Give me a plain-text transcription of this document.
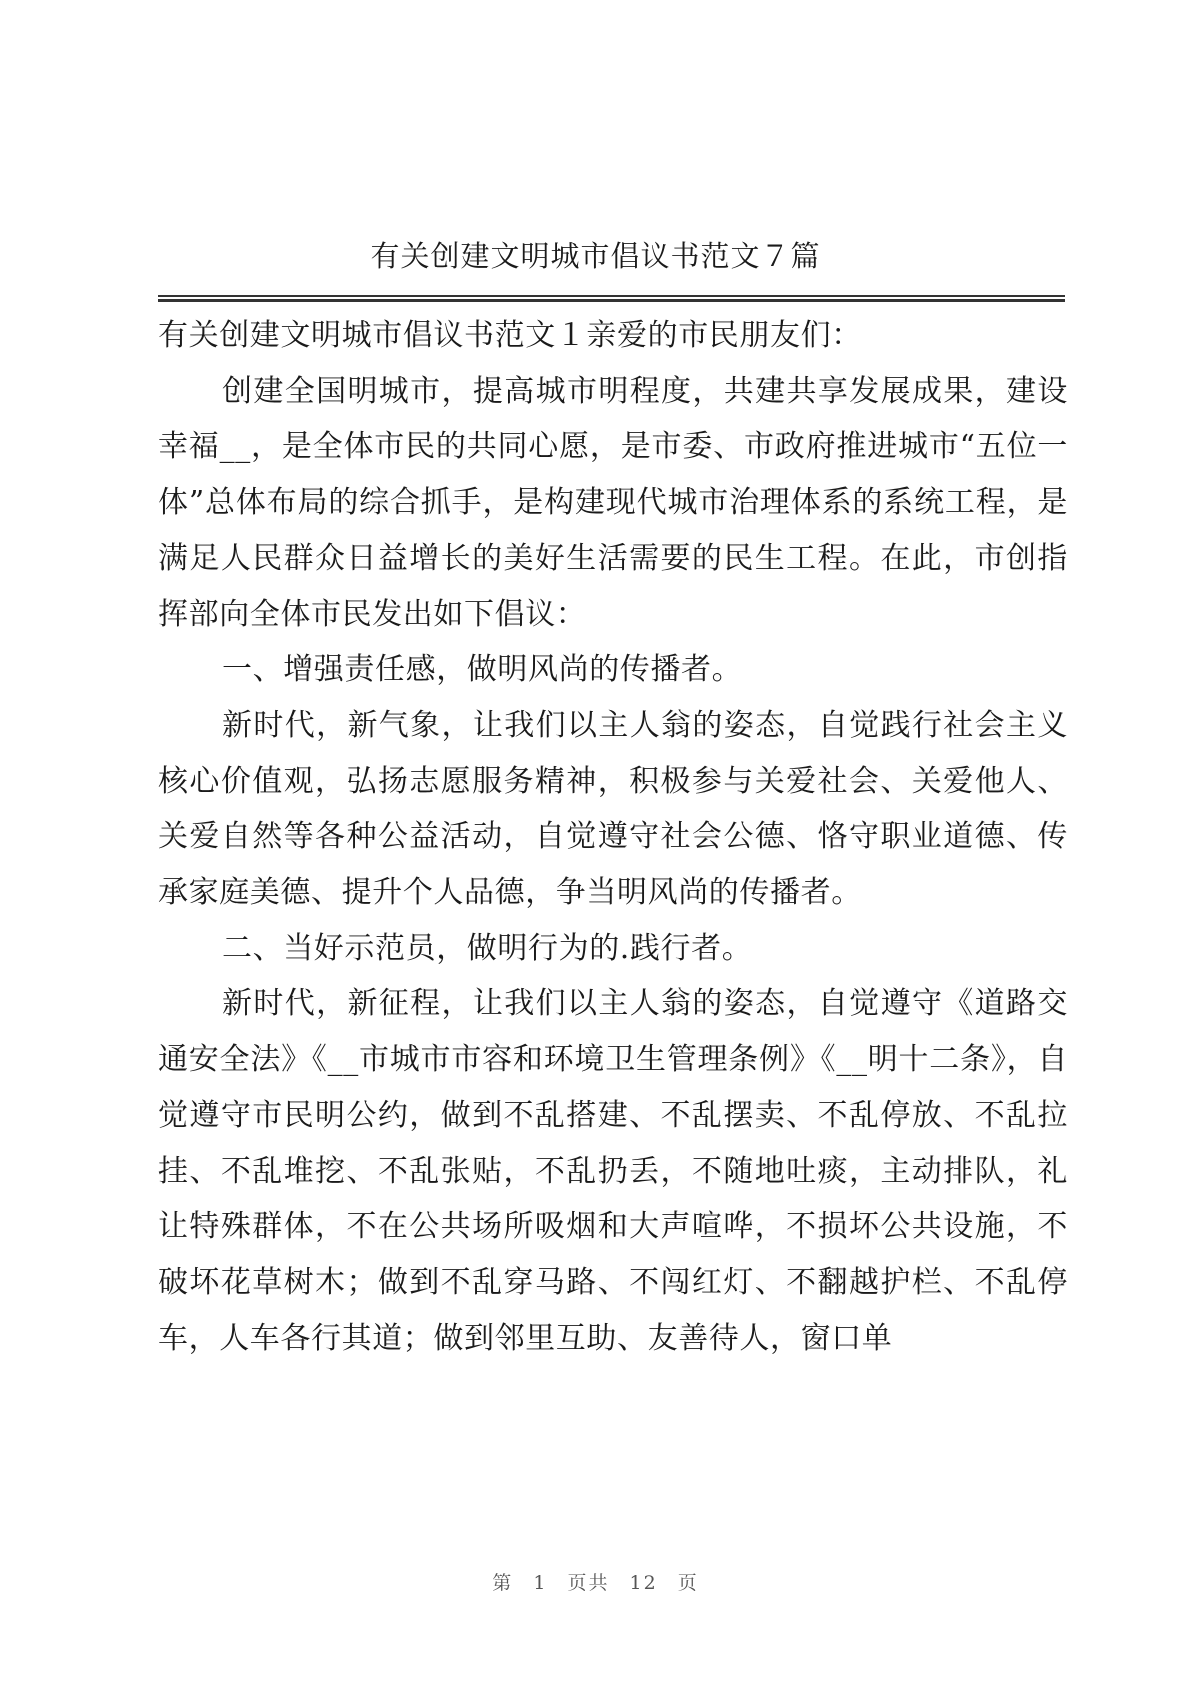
有关创建文明城市倡议书范文７篇

有关创建文明城市倡议书范文１亲爱的市民朋友们：

创建全国明城市，提高城市明程度，共建共享发展成果，建设幸福__，是全体市民的共同心愿，是市委、市政府推进城市“五位一体”总体布局的综合抓手，是构建现代城市治理体系的系统工程，是满足人民群众日益增长的美好生活需要的民生工程。在此，市创指挥部向全体市民发出如下倡议：

一、增强责任感，做明风尚的传播者。

新时代，新气象，让我们以主人翁的姿态，自觉践行社会主义核心价值观，弘扬志愿服务精神，积极参与关爱社会、关爱他人、关爱自然等各种公益活动，自觉遵守社会公德、恪守职业道德、传承家庭美德、提升个人品德，争当明风尚的传播者。

二、当好示范员，做明行为的.践行者。

新时代，新征程，让我们以主人翁的姿态，自觉遵守《道路交通安全法》《__市城市市容和环境卫生管理条例》《__明十二条》，自觉遵守市民明公约，做到不乱搭建、不乱摆卖、不乱停放、不乱拉挂、不乱堆挖、不乱张贴，不乱扔丢，不随地吐痰，主动排队，礼让特殊群体，不在公共场所吸烟和大声喧哗，不损坏公共设施，不破坏花草树木；做到不乱穿马路、不闯红灯、不翻越护栏、不乱停车，人车各行其道；做到邻里互助、友善待人，窗口单

第 1 页共 12 页
